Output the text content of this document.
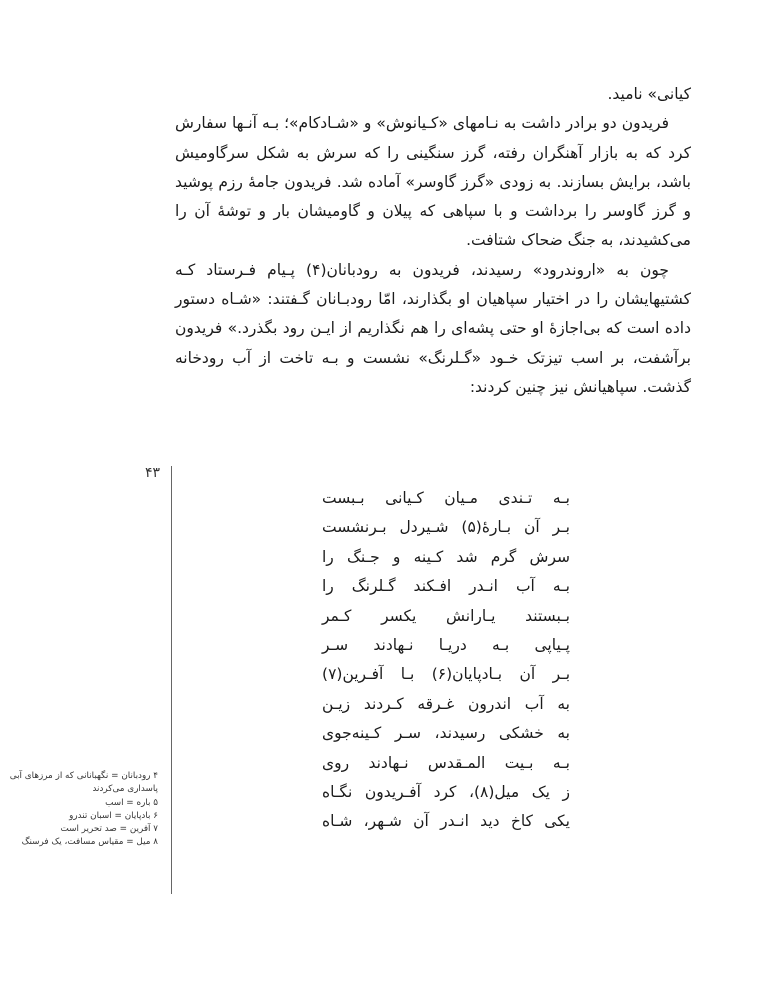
کیانی» نامید.

فریدون دو برادر داشت به نـامهای «کـیانوش» و «شـادکام»؛ بـه آنـها سفارش کرد که به بازار آهنگران رفته، گرز سنگینی را که سرش به شکل سرگاومیش باشد، برایش بسازند. به زودی «گرز گاوسر» آماده شد. فریدون جامهٔ رزم پوشید و گرز گاوسر را برداشت و با سپاهی که پیلان و گاومیشان بار و توشهٔ آن را می‌کشیدند، به جنگ ضحاک شتافت.

چون به «اروندرود» رسیدند، فریدون به رودبانان(۴) پـیام فـرستاد کـه کشتیهایشان را در اختیار سپاهیان او بگذارند، امّا رودبـانان گـفتند: «شـاه دستور داده است که بی‌اجازهٔ او حتی پشه‌ای را هم نگذاریم از ایـن رود بگذرد.» فریدون برآشفت، بر اسب تیزتک خـود «گـلرنگ» نشست و بـه تاخت از آب رودخانه گذشت. سپاهیانش نیز چنین کردند:

۴۳
بـه تـندی مـیان کـیانی بـبست
بـر آن بـارهٔ(۵) شـیردل بـرنشست
سرش گرم شد کـینه و جـنگ را
بـه آب انـدر افـکند گـلرنگ را
بـبستند یـارانش یکسر کـمر
پـیاپی بـه دریـا نـهادند سـر
بـر آن بـادپایان(۶) بـا آفـرین(۷)
به آب اندرون غـرقه کـردند زیـن
به خشکی رسیدند، سـر کـینه‌جوی
بـه بـیت المـقدس نـهادند روی
ز یک میل(۸)، کرد آفـریدون نگـاه
یکی کاخ دید انـدر آن شـهر، شـاه
۴ رودبانان = نگهبانانی که از مرزهای آبی پاسداری می‌کردند
۵ باره = اسب
۶ بادپایان = اسبان تندرو
۷ آفرین = صد تحریر است
۸ میل = مقیاس مسافت، یک فرسنگ
